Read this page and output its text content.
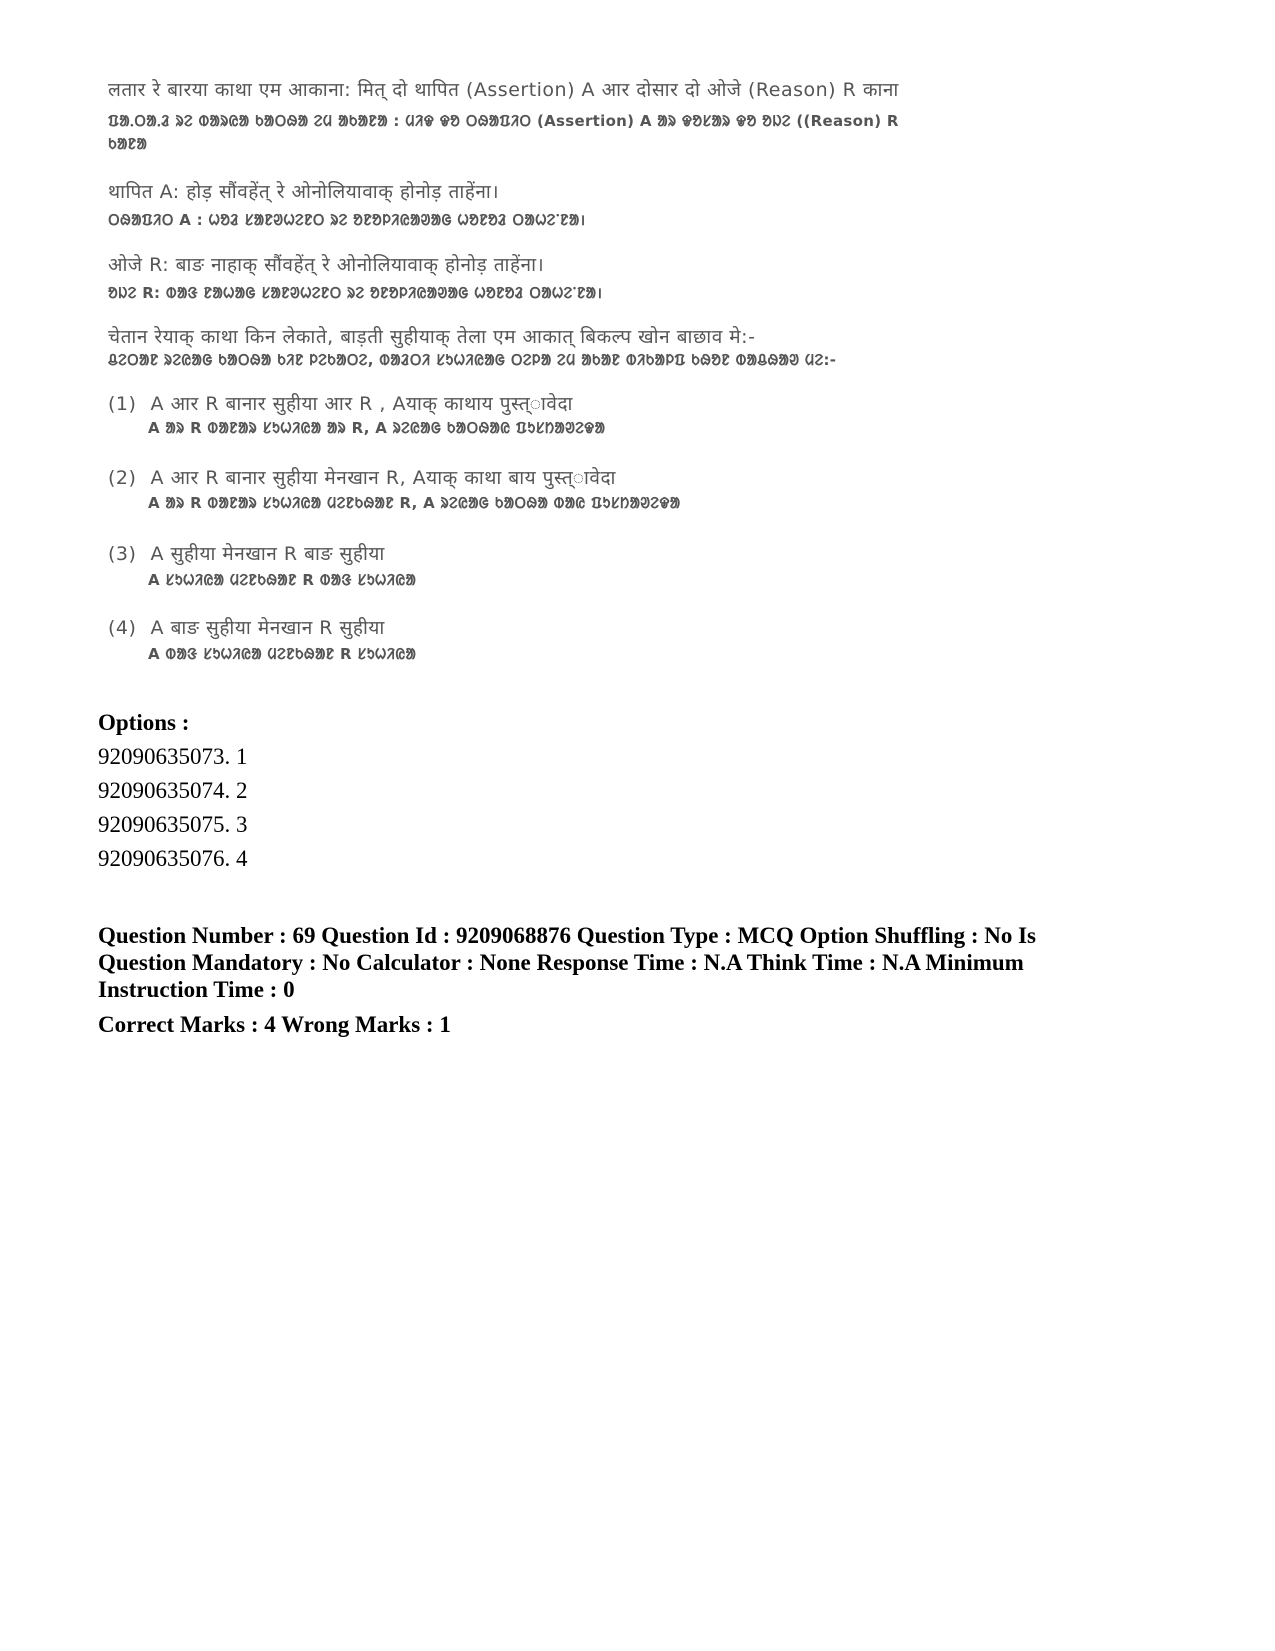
लतार रे बारया काथा एम आकाना: मित् दो थापित (Assertion) A आर दोसार दो ओजे (Reason) R काना
ᱯᱟᱹᱛᱟᱹᱲ ᱨᱮ ᱵᱟᱨᱭᱟ ᱠᱟᱛᱷᱟ ᱮᱢ ᱟᱠᱟᱱᱟ : ᱢᱤᱫ ᱫᱚ ᱛᱷᱟᱯᱤᱛ (Assertion) A ᱟᱨ ᱫᱚᱥᱟᱨ ᱫᱚ ᱚᱡᱮ ((Reason) R
ᱠᱟᱱᱟ
थापित A: होड़ सौंवहेंत् रे ओनोलियावाक् होनोड़ ताहेंना।
ᱛᱷᱟᱯᱤᱛ A : ᱦᱚᱲ ᱥᱟᱱᱣᱦᱮᱱᱛ ᱨᱮ ᱚᱱᱚᱞᱤᱭᱟᱣᱟᱜ ᱦᱚᱱᱚᱲ ᱛᱟᱦᱮᱸᱱᱟ।
ओजे R: बाङ नाहाक् सौंवहेंत् रे ओनोलियावाक् होनोड़ ताहेंना।
ᱚᱡᱮ R: ᱵᱟᱝ ᱱᱟᱦᱟᱜ ᱥᱟᱱᱣᱦᱮᱱᱛ ᱨᱮ ᱚᱱᱚᱞᱤᱭᱟᱣᱟᱜ ᱦᱚᱱᱚᱲ ᱛᱟᱦᱮᱸᱱᱟ।
चेतान रेयाक् काथा किन लेकाते, बाड़ती सुहीयाक् तेला एम आकात् बिकल्प खोन बाछाव मे:-
ᱪᱮᱛᱟᱱ ᱨᱮᱭᱟᱜ ᱠᱟᱛᱷᱟ ᱠᱤᱱ ᱞᱮᱠᱟᱛᱮ, ᱵᱟᱲᱛᱤ ᱥᱩᱦᱤᱭᱟᱜ ᱛᱮᱞᱟ ᱮᱢ ᱟᱠᱟᱱ ᱵᱤᱠᱟᱞᱯ ᱠᱷᱚᱱ ᱵᱟᱪᱷᱟᱣ ᱢᱮ:-
(1) A आर R बानार सुहीया आर R , Aयाक् काथाय पुस्त्ावेदा
A ᱟᱨ R ᱵᱟᱱᱟᱨ ᱥᱩᱦᱤᱭᱟ ᱟᱨ R, A ᱨᱮᱭᱟᱜ ᱠᱟᱛᱷᱟᱭ ᱯᱩᱥᱴᱟᱣᱮᱫᱟ
(2) A आर R बानार सुहीया मेनखान R, Aयाक् काथा बाय पुस्त्ावेदा
A ᱟᱨ R ᱵᱟᱱᱟᱨ ᱥᱩᱦᱤᱭᱟ ᱢᱮᱱᱠᱷᱟᱱ R, A ᱨᱮᱭᱟᱜ ᱠᱟᱛᱷᱟ ᱵᱟᱭ ᱯᱩᱥᱴᱟᱣᱮᱫᱟ
(3) A सुहीया मेनखान R बाङ सुहीया
A ᱥᱩᱦᱤᱭᱟ ᱢᱮᱱᱠᱷᱟᱱ R ᱵᱟᱝ ᱥᱩᱦᱤᱭᱟ
(4) A बाङ सुहीया मेनखान R सुहीया
A ᱵᱟᱝ ᱥᱩᱦᱤᱭᱟ ᱢᱮᱱᱠᱷᱟᱱ R ᱥᱩᱦᱤᱭᱟ
Options :
92090635073. 1
92090635074. 2
92090635075. 3
92090635076. 4
Question Number : 69 Question Id : 9209068876 Question Type : MCQ Option Shuffling : No Is
Question Mandatory : No Calculator : None Response Time : N.A Think Time : N.A Minimum
Instruction Time : 0
Correct Marks : 4 Wrong Marks : 1
